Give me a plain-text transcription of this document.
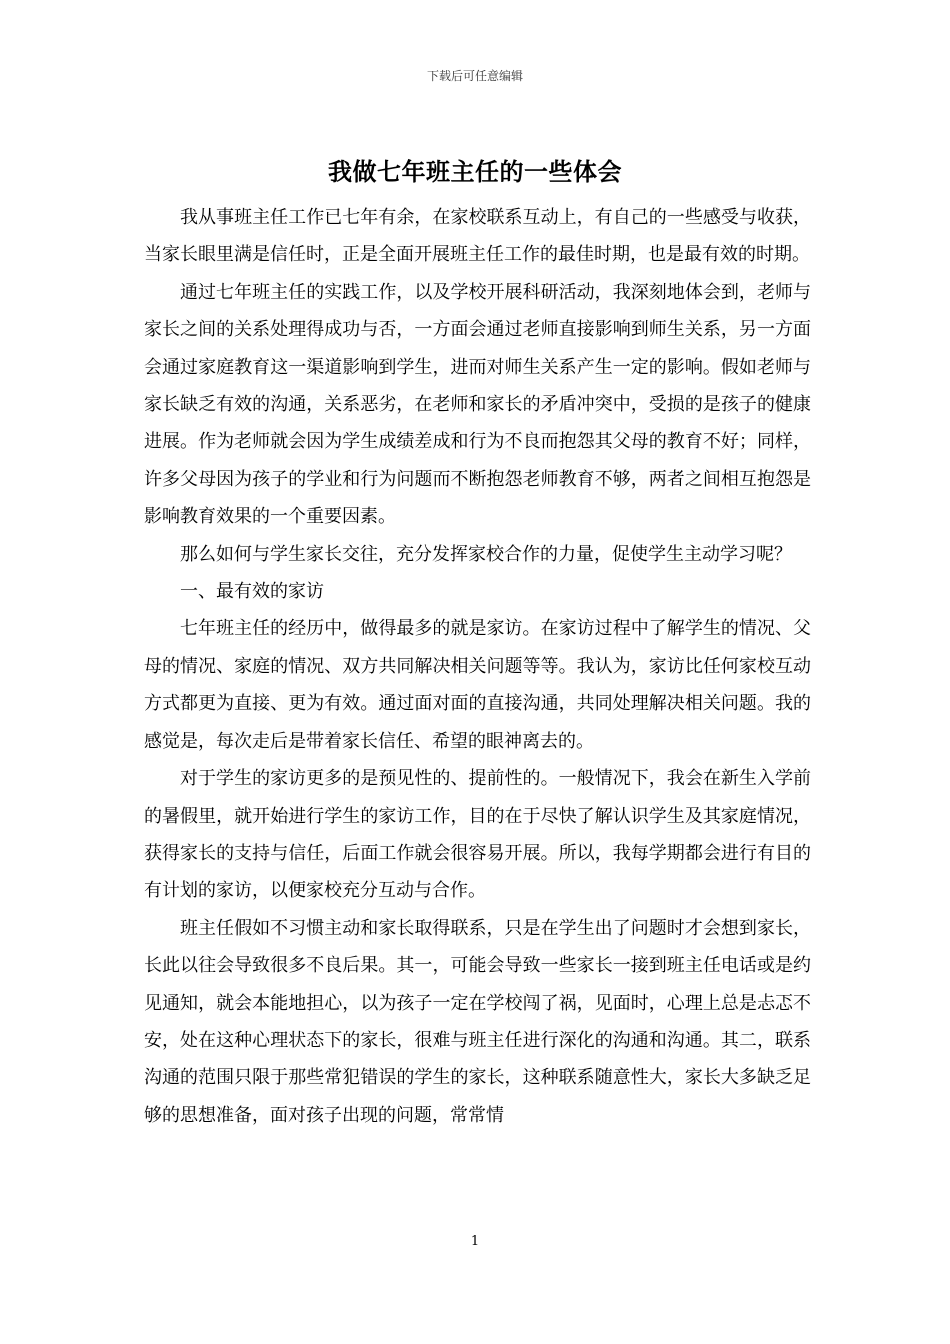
下载后可任意编辑
我做七年班主任的一些体会

我从事班主任工作已七年有余，在家校联系互动上，有自己的一些感受与收获，当家长眼里满是信任时，正是全面开展班主任工作的最佳时期，也是最有效的时期。

通过七年班主任的实践工作，以及学校开展科研活动，我深刻地体会到，老师与家长之间的关系处理得成功与否，一方面会通过老师直接影响到师生关系，另一方面会通过家庭教育这一渠道影响到学生，进而对师生关系产生一定的影响。假如老师与家长缺乏有效的沟通，关系恶劣，在老师和家长的矛盾冲突中，受损的是孩子的健康进展。作为老师就会因为学生成绩差成和行为不良而抱怨其父母的教育不好；同样，许多父母因为孩子的学业和行为问题而不断抱怨老师教育不够，两者之间相互抱怨是影响教育效果的一个重要因素。

那么如何与学生家长交往，充分发挥家校合作的力量，促使学生主动学习呢？

一、最有效的家访

七年班主任的经历中，做得最多的就是家访。在家访过程中了解学生的情况、父母的情况、家庭的情况、双方共同解决相关问题等等。我认为，家访比任何家校互动方式都更为直接、更为有效。通过面对面的直接沟通，共同处理解决相关问题。我的感觉是，每次走后是带着家长信任、希望的眼神离去的。

对于学生的家访更多的是预见性的、提前性的。一般情况下，我会在新生入学前的暑假里，就开始进行学生的家访工作，目的在于尽快了解认识学生及其家庭情况，获得家长的支持与信任，后面工作就会很容易开展。所以，我每学期都会进行有目的有计划的家访，以便家校充分互动与合作。

班主任假如不习惯主动和家长取得联系，只是在学生出了问题时才会想到家长，长此以往会导致很多不良后果。其一，可能会导致一些家长一接到班主任电话或是约见通知，就会本能地担心，以为孩子一定在学校闯了祸，见面时，心理上总是忐忑不安，处在这种心理状态下的家长，很难与班主任进行深化的沟通和沟通。其二，联系沟通的范围只限于那些常犯错误的学生的家长，这种联系随意性大，家长大多缺乏足够的思想准备，面对孩子出现的问题，常常情

1
